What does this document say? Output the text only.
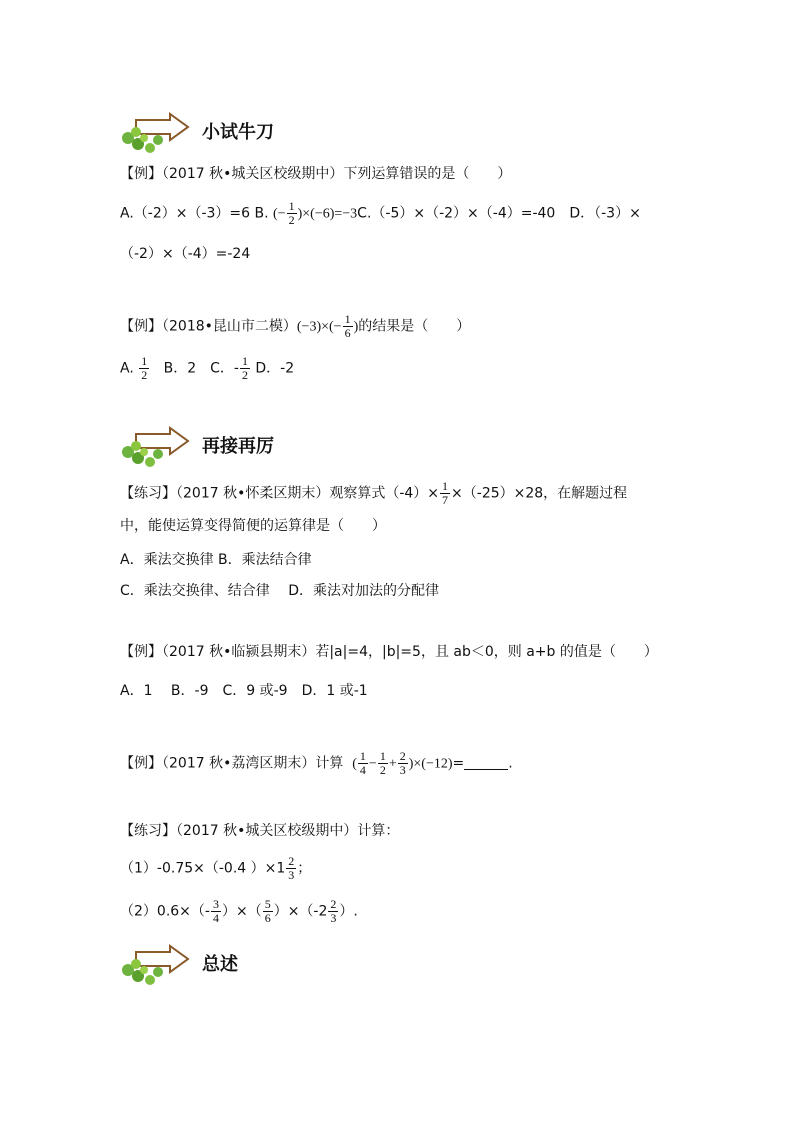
小试牛刀
【例】（2017 秋•城关区校级期中）下列运算错误的是（　　）
A.（-2）×（-3）=6 B. (− $\frac{1}{2} )\times(-6)=-3C.(-5)\times(-2)\times(-4)=-40$　D．（-3）×
（-2）×（-4）=-24
【例】（2018•昆山市二模）$(-3)\times(- \frac{1}{6}$ )的结果是（　　）
A. $\frac{1}{2}$ B．2　C．- $\frac{1}{2}$ D．-2
再接再厉
【练习】（2017 秋•怀柔区期末）观察算式$(-4)\times \frac{1}{7} \times(-25)\times 28$，在解题过程
中，能使运算变得简便的运算律是（　　）
A．乘法交换律 B．乘法结合律
C．乘法交换律、结合律　 D．乘法对加法的分配律
【例】（2017 秋•临颍县期末）若|a|=4，|b|=5，且 ab＜0，则 a+b 的值是（　　）
A．1　 B．-9　C．9 或-9　D．1 或-1
【例】（2017 秋•荔湾区期末）计算 ( $\frac{1}{4} - \frac{1}{2} + \frac{2}{3} )\times(-12)=$	.
【练习】（2017 秋•城关区校级期中）计算：
（1）-0.75×（-0.4 ）$\times 1 \frac{2}{3}$ ；
$(2)0.6\times(- \frac{3}{4}$ ）×（ $\frac{5}{6} )\times(-2 \frac{2}{3}$ ）.
总述
